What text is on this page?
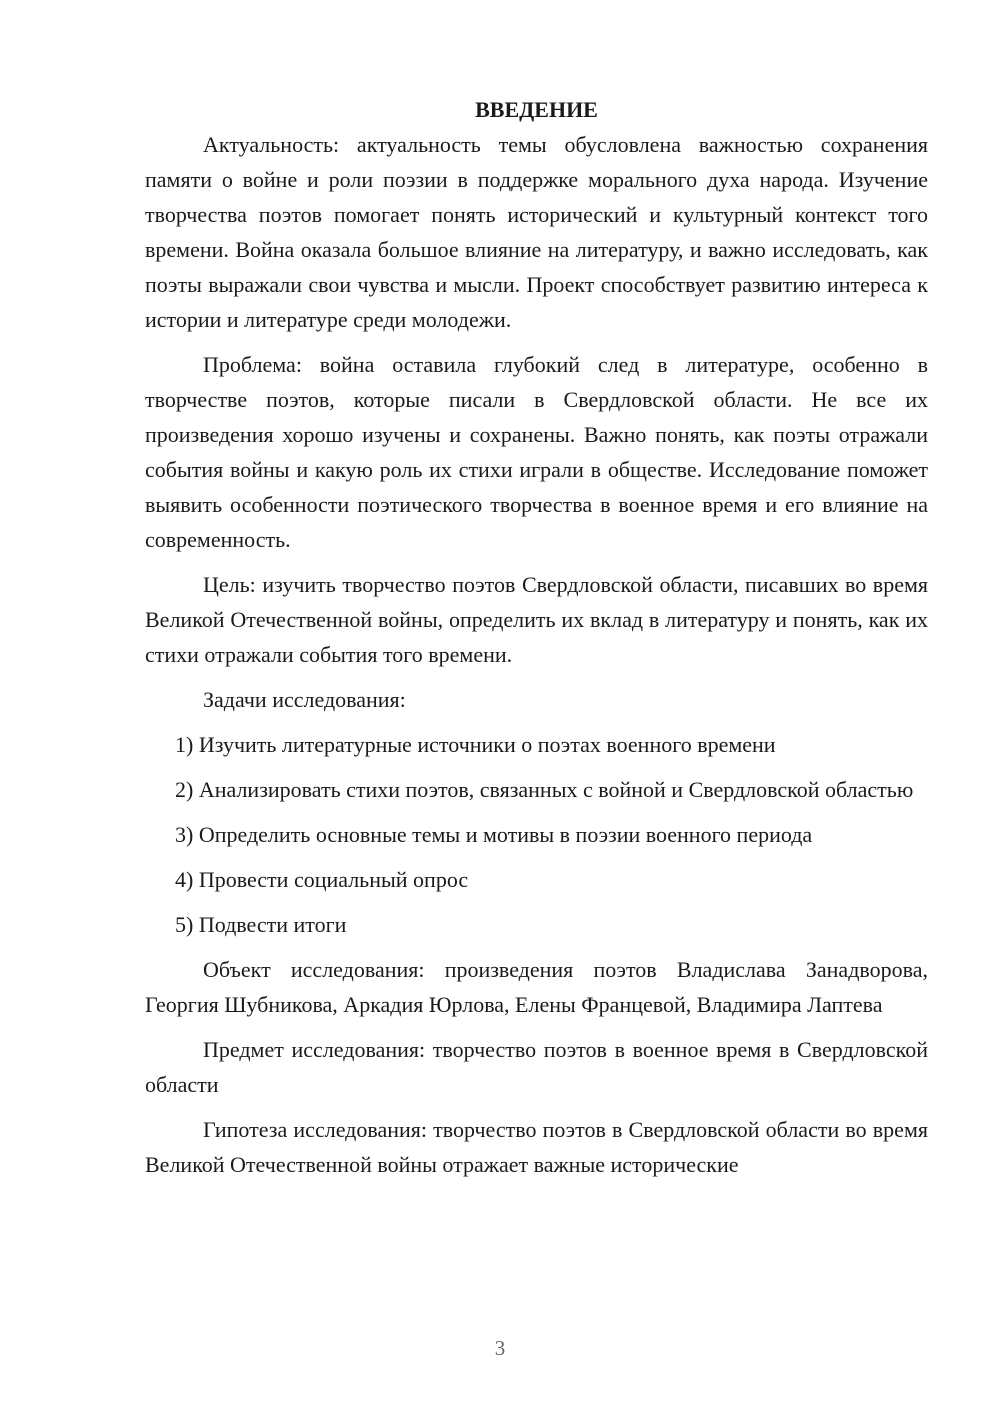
ВВЕДЕНИЕ

Актуальность: актуальность темы обусловлена важностью сохранения памяти о войне и роли поэзии в поддержке морального духа народа. Изучение творчества поэтов помогает понять исторический и культурный контекст того времени. Война оказала большое влияние на литературу, и важно исследовать, как поэты выражали свои чувства и мысли. Проект способствует развитию интереса к истории и литературе среди молодежи.

Проблема: война оставила глубокий след в литературе, особенно в творчестве поэтов, которые писали в Свердловской области. Не все их произведения хорошо изучены и сохранены. Важно понять, как поэты отражали события войны и какую роль их стихи играли в обществе. Исследование поможет выявить особенности поэтического творчества в военное время и его влияние на современность.

Цель: изучить творчество поэтов Свердловской области, писавших во время Великой Отечественной войны, определить их вклад в литературу и понять, как их стихи отражали события того времени.

Задачи исследования:

1) Изучить литературные источники о поэтах военного времени

2) Анализировать стихи поэтов, связанных с войной и Свердловской областью

3) Определить основные темы и мотивы в поэзии военного периода

4) Провести социальный опрос

5) Подвести итоги

Объект исследования: произведения поэтов Владислава Занадворова, Георгия Шубникова, Аркадия Юрлова, Елены Францевой, Владимира Лаптева

Предмет исследования: творчество поэтов в военное время в Свердловской области

Гипотеза исследования: творчество поэтов в Свердловской области во время Великой Отечественной войны отражает важные исторические

3
